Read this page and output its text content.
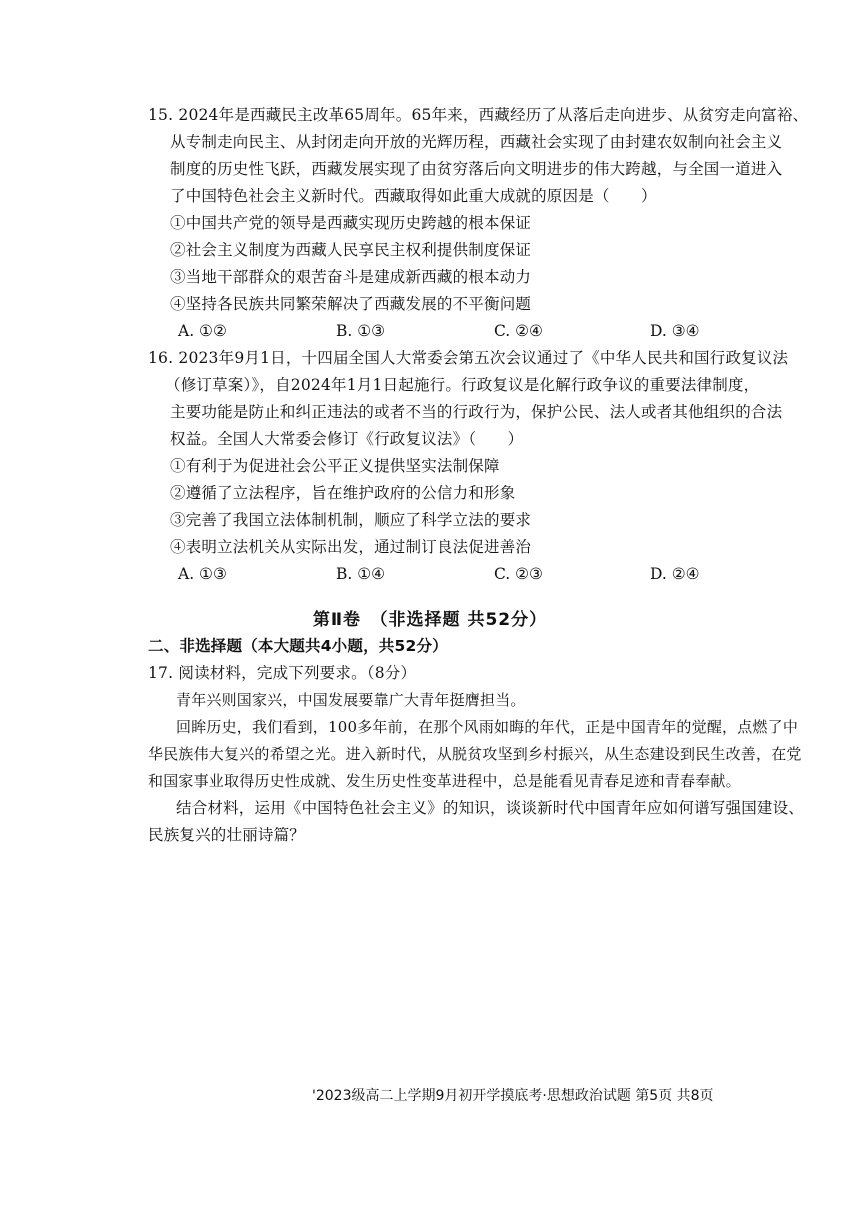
15. 2024年是西藏民主改革65周年。65年来，西藏经历了从落后走向进步、从贫穷走向富裕、
从专制走向民主、从封闭走向开放的光辉历程，西藏社会实现了由封建农奴制向社会主义
制度的历史性飞跃，西藏发展实现了由贫穷落后向文明进步的伟大跨越，与全国一道进入
了中国特色社会主义新时代。西藏取得如此重大成就的原因是（　　）
①中国共产党的领导是西藏实现历史跨越的根本保证
②社会主义制度为西藏人民享民主权利提供制度保证
③当地干部群众的艰苦奋斗是建成新西藏的根本动力
④坚持各民族共同繁荣解决了西藏发展的不平衡问题
A. ①②	B. ①③	C. ②④	D. ③④
16. 2023年9月1日，十四届全国人大常委会第五次会议通过了《中华人民共和国行政复议法
（修订草案）》，自2024年1月1日起施行。行政复议是化解行政争议的重要法律制度，
主要功能是防止和纠正违法的或者不当的行政行为，保护公民、法人或者其他组织的合法
权益。全国人大常委会修订《行政复议法》（　　）
①有利于为促进社会公平正义提供坚实法制保障
②遵循了立法程序，旨在维护政府的公信力和形象
③完善了我国立法体制机制，顺应了科学立法的要求
④表明立法机关从实际出发，通过制订良法促进善治
A. ①③	B. ①④	C. ②③	D. ②④
第Ⅱ卷　（非选择题 共52分）
二、非选择题（本大题共4小题，共52分）
17. 阅读材料，完成下列要求。（8分）
青年兴则国家兴，中国发展要靠广大青年挺膺担当。
回眸历史，我们看到，100多年前，在那个风雨如晦的年代，正是中国青年的觉醒，点燃了中
华民族伟大复兴的希望之光。进入新时代，从脱贫攻坚到乡村振兴，从生态建设到民生改善，在党
和国家事业取得历史性成就、发生历史性变革进程中，总是能看见青春足迹和青春奉献。
结合材料，运用《中国特色社会主义》的知识，谈谈新时代中国青年应如何谱写强国建设、
民族复兴的壮丽诗篇？
'2023级高二上学期9月初开学摸底考·思想政治试题 第5页 共8页
